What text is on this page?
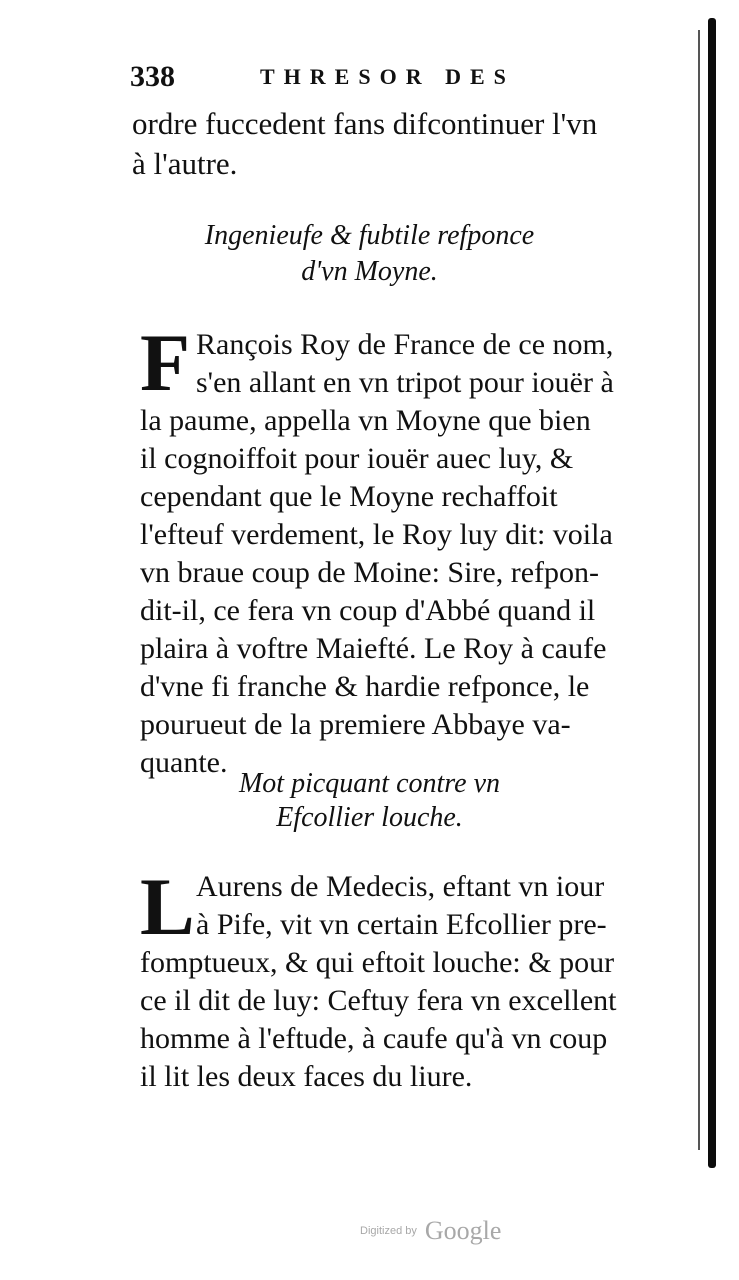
338	THRESOR DES
ordre fuccedent fans difcontinuer l'vn
à l'autre.
Ingenieufe & fubtile refponce
d'vn Moyne.
F Rançois Roy de France de ce nom,
s'en allant en vn tripot pour iouër à
la paume, appella vn Moyne que bien
il cognoiffoit pour iouër auec luy, &
cependant que le Moyne rechaffoit
l'efteuf verdement, le Roy luy dit: voila
vn braue coup de Moine: Sire, refpon-
dit-il, ce fera vn coup d'Abbé quand il
plaira à voftre Maiefté. Le Roy à caufe
d'vne fi franche & hardie refponce, le
pourueut de la premiere Abbaye va-
quante.
Mot picquant contre vn
Efcollier louche.
L Aurens de Medecis, eftant vn iour
à Pife, vit vn certain Efcollier pre-
fomptueux, & qui eftoit louche: & pour
ce il dit de luy: Ceftuy fera vn excellent
homme à l'eftude, à caufe qu'à vn coup
il lit les deux faces du liure.
Digitized by Google
